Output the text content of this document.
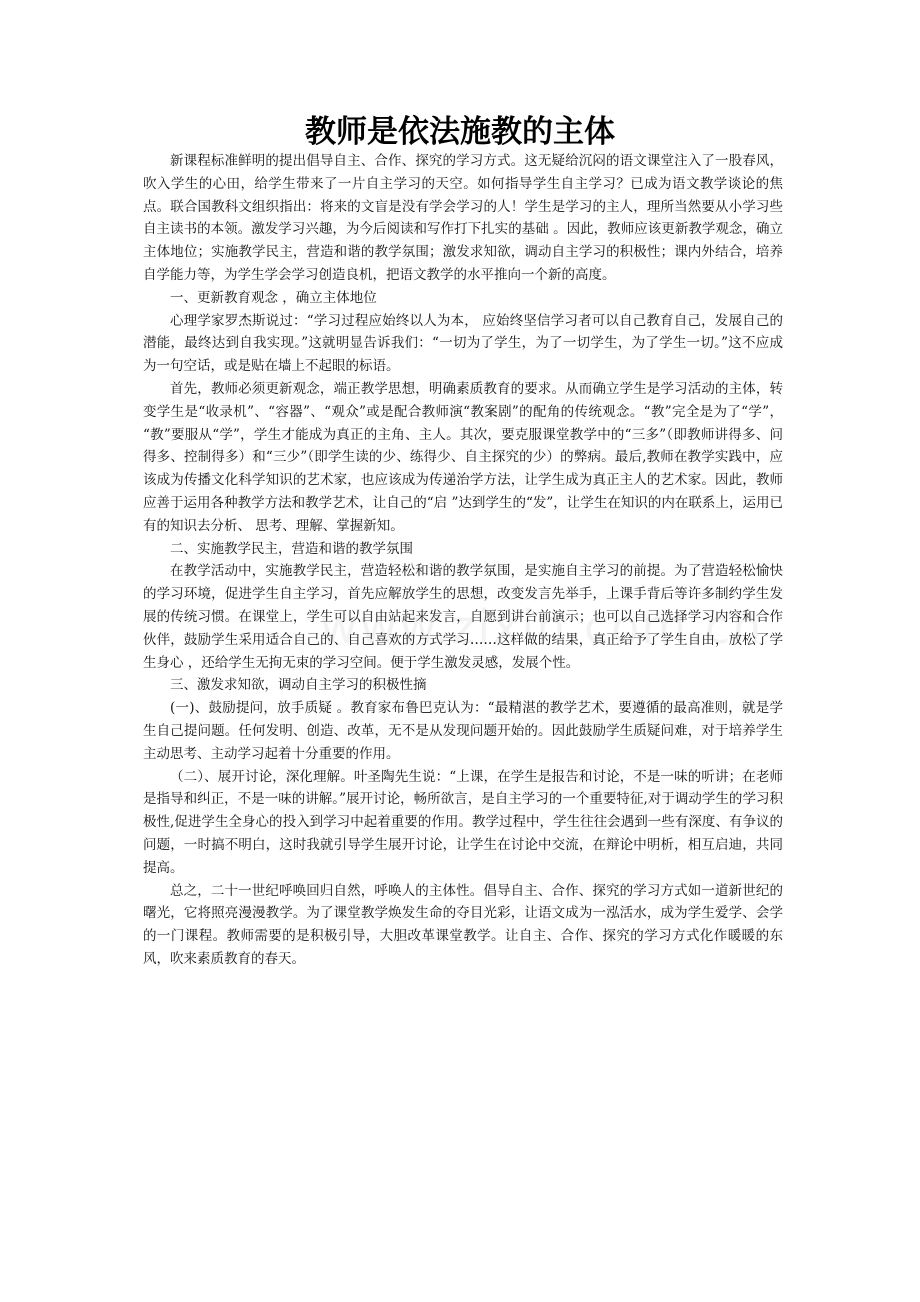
教师是依法施教的主体

新课程标准鲜明的提出倡导自主、合作、探究的学习方式。这无疑给沉闷的语文课堂注入了一股春风，吹入学生的心田，给学生带来了一片自主学习的天空。如何指导学生自主学习？已成为语文教学谈论的焦点。联合国教科文组织指出：将来的文盲是没有学会学习的人！学生是学习的主人，理所当然要从小学习些自主读书的本领。激发学习兴趣，为今后阅读和写作打下扎实的基础 。因此，教师应该更新教学观念，确立主体地位；实施教学民主，营造和谐的教学氛围；激发求知欲，调动自主学习的积极性；课内外结合，培养自学能力等，为学生学会学习创造良机，把语文教学的水平推向一个新的高度。

一、更新教育观念 ，确立主体地位

心理学家罗杰斯说过：“学习过程应始终以人为本， 应始终坚信学习者可以自己教育自己，发展自己的潜能，最终达到自我实现。”这就明显告诉我们：“一切为了学生，为了一切学生，为了学生一切。”这不应成为一句空话，或是贴在墙上不起眼的标语。

首先，教师必须更新观念，端正教学思想，明确素质教育的要求。从而确立学生是学习活动的主体，转变学生是“收录机”、“容器”、“观众”或是配合教师演“教案剧”的配角的传统观念。“教”完全是为了“学”， “教”要服从“学”，学生才能成为真正的主角、主人。其次，要克服课堂教学中的“三多”（即教师讲得多、问得多、控制得多）和“三少”（即学生读的少、练得少、自主探究的少）的弊病。最后,教师在教学实践中，应该成为传播文化科学知识的艺术家，也应该成为传递治学方法，让学生成为真正主人的艺术家。因此，教师应善于运用各种教学方法和教学艺术，让自己的“启 ”达到学生的“发”，让学生在知识的内在联系上，运用已有的知识去分析、 思考、理解、掌握新知。

二、实施教学民主，营造和谐的教学氛围

在教学活动中，实施教学民主，营造轻松和谐的教学氛围，是实施自主学习的前提。为了营造轻松愉快的学习环境，促进学生自主学习，首先应解放学生的思想，改变发言先举手，上课手背后等许多制约学生发展的传统习惯。在课堂上，学生可以自由站起来发言，自愿到讲台前演示；也可以自己选择学习内容和合作伙伴，鼓励学生采用适合自己的、自己喜欢的方式学习……这样做的结果，真正给予了学生自由，放松了学生身心 ，还给学生无拘无束的学习空间。便于学生激发灵感，发展个性。

三、激发求知欲，调动自主学习的积极性摘

(一)、鼓励提问，放手质疑 。教育家布鲁巴克认为：“最精湛的教学艺术，要遵循的最高准则，就是学生自己提问题。任何发明、创造、改革，无不是从发现问题开始的。因此鼓励学生质疑问难，对于培养学生主动思考、主动学习起着十分重要的作用。

（二）、展开讨论，深化理解。叶圣陶先生说：“上课，在学生是报告和讨论，不是一味的听讲；在老师是指导和纠正，不是一味的讲解。”展开讨论，畅所欲言，是自主学习的一个重要特征,对于调动学生的学习积极性,促进学生全身心的投入到学习中起着重要的作用。教学过程中，学生往往会遇到一些有深度、有争议的问题，一时搞不明白，这时我就引导学生展开讨论，让学生在讨论中交流，在辩论中明析，相互启迪，共同提高。

总之，二十一世纪呼唤回归自然，呼唤人的主体性。倡导自主、合作、探究的学习方式如一道新世纪的曙光，它将照亮漫漫教学。为了课堂教学焕发生命的夺目光彩，让语文成为一泓活水，成为学生爱学、会学的一门课程。教师需要的是积极引导，大胆改革课堂教学。让自主、合作、探究的学习方式化作暖暖的东风，吹来素质教育的春天。
